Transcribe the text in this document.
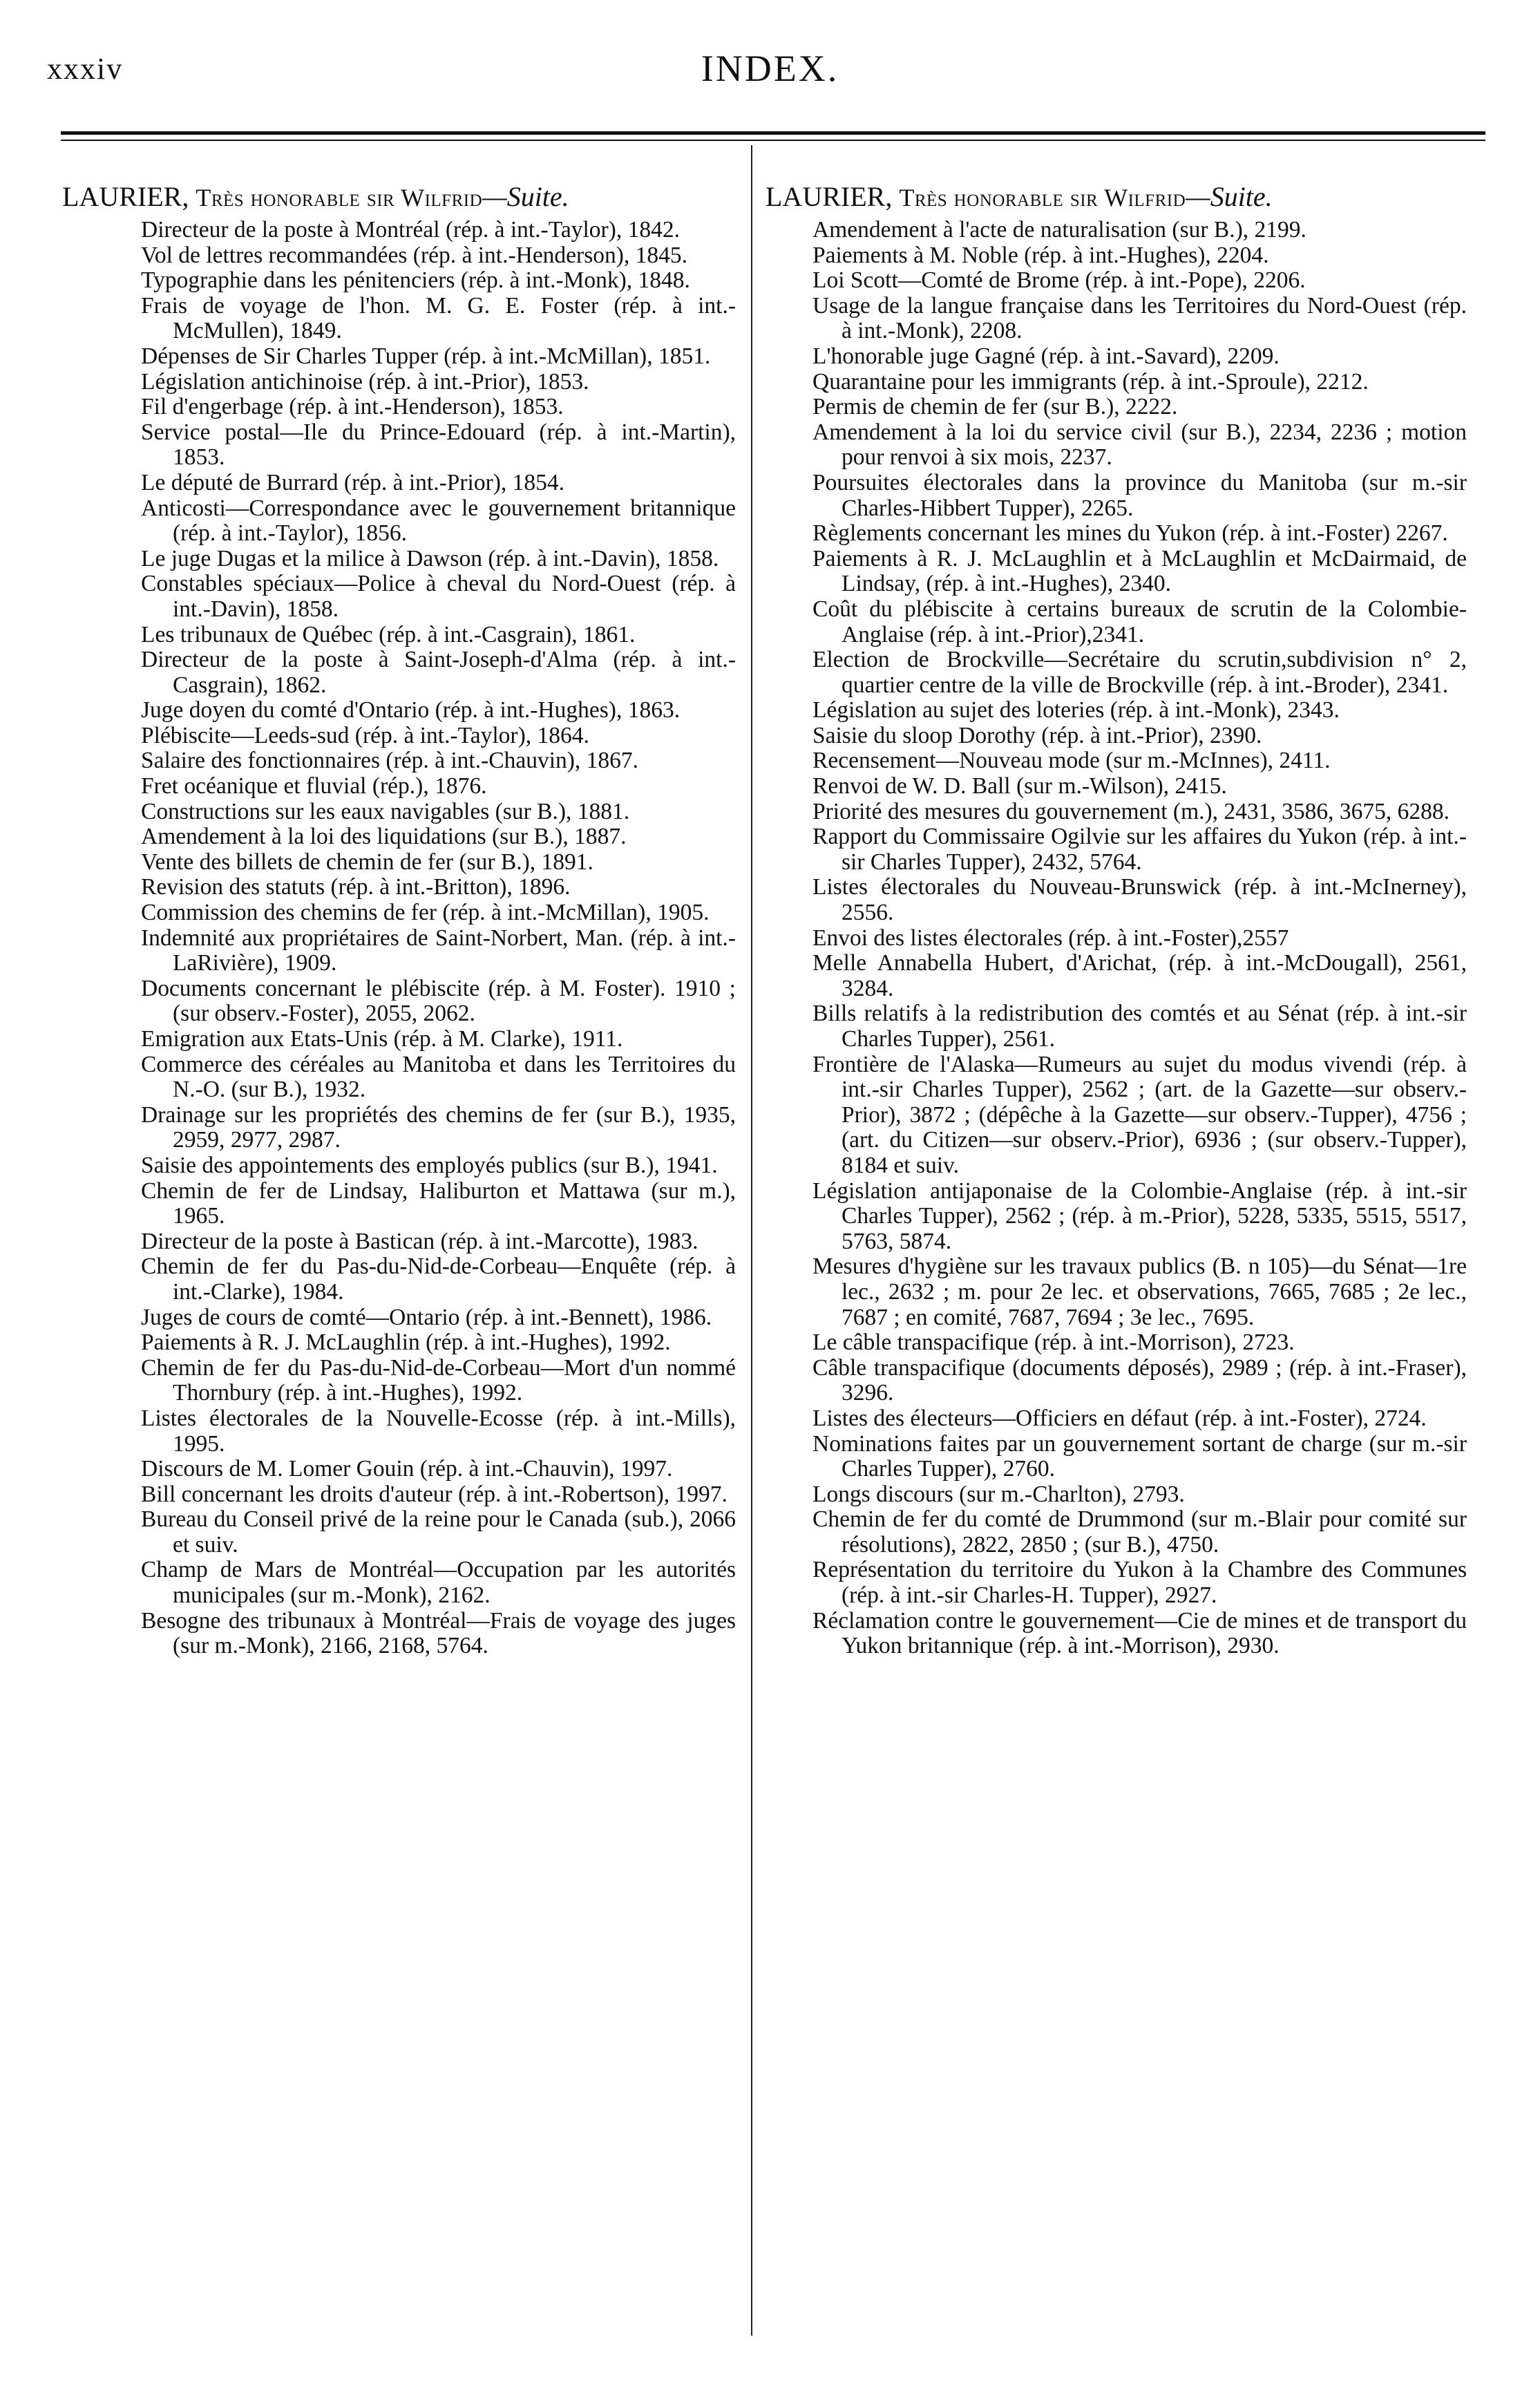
xxxiv	INDEX.
LAURIER, Très honorable sir Wilfrid—Suite.

Directeur de la poste à Montréal (rép. à int.-Taylor), 1842.

Vol de lettres recommandées (rép. à int.-Henderson), 1845.

Typographie dans les pénitenciers (rép. à int.-Monk), 1848.

Frais de voyage de l'hon. M. G. E. Foster (rép. à int.-McMullen), 1849.

Dépenses de Sir Charles Tupper (rép. à int.-McMillan), 1851.

Législation antichinoise (rép. à int.-Prior), 1853.

Fil d'engerbage (rép. à int.-Henderson), 1853.

Service postal—Ile du Prince-Edouard (rép. à int.-Martin), 1853.

Le député de Burrard (rép. à int.-Prior), 1854.

Anticosti—Correspondance avec le gouvernement britannique (rép. à int.-Taylor), 1856.

Le juge Dugas et la milice à Dawson (rép. à int.-Davin), 1858.

Constables spéciaux—Police à cheval du Nord-Ouest (rép. à int.-Davin), 1858.

Les tribunaux de Québec (rép. à int.-Casgrain), 1861.

Directeur de la poste à Saint-Joseph-d'Alma (rép. à int.-Casgrain), 1862.

Juge doyen du comté d'Ontario (rép. à int.-Hughes), 1863.

Plébiscite—Leeds-sud (rép. à int.-Taylor), 1864.

Salaire des fonctionnaires (rép. à int.-Chauvin), 1867.

Fret océanique et fluvial (rép.), 1876.

Constructions sur les eaux navigables (sur B.), 1881.

Amendement à la loi des liquidations (sur B.), 1887.

Vente des billets de chemin de fer (sur B.), 1891.

Revision des statuts (rép. à int.-Britton), 1896.

Commission des chemins de fer (rép. à int.-McMillan), 1905.

Indemnité aux propriétaires de Saint-Norbert, Man. (rép. à int.-LaRivière), 1909.

Documents concernant le plébiscite (rép. à M. Foster). 1910 ; (sur observ.-Foster), 2055, 2062.

Emigration aux Etats-Unis (rép. à M. Clarke), 1911.

Commerce des céréales au Manitoba et dans les Territoires du N.-O. (sur B.), 1932.

Drainage sur les propriétés des chemins de fer (sur B.), 1935, 2959, 2977, 2987.

Saisie des appointements des employés publics (sur B.), 1941.

Chemin de fer de Lindsay, Haliburton et Mattawa (sur m.), 1965.

Directeur de la poste à Bastican (rép. à int.-Marcotte), 1983.

Chemin de fer du Pas-du-Nid-de-Corbeau—Enquête (rép. à int.-Clarke), 1984.

Juges de cours de comté—Ontario (rép. à int.-Bennett), 1986.

Paiements à R. J. McLaughlin (rép. à int.-Hughes), 1992.

Chemin de fer du Pas-du-Nid-de-Corbeau—Mort d'un nommé Thornbury (rép. à int.-Hughes), 1992.

Listes électorales de la Nouvelle-Ecosse (rép. à int.-Mills), 1995.

Discours de M. Lomer Gouin (rép. à int.-Chauvin), 1997.

Bill concernant les droits d'auteur (rép. à int.-Robertson), 1997.

Bureau du Conseil privé de la reine pour le Canada (sub.), 2066 et suiv.

Champ de Mars de Montréal—Occupation par les autorités municipales (sur m.-Monk), 2162.

Besogne des tribunaux à Montréal—Frais de voyage des juges (sur m.-Monk), 2166, 2168, 5764.

LAURIER, Très honorable sir Wilfrid—Suite.

Amendement à l'acte de naturalisation (sur B.), 2199.

Paiements à M. Noble (rép. à int.-Hughes), 2204.

Loi Scott—Comté de Brome (rép. à int.-Pope), 2206.

Usage de la langue française dans les Territoires du Nord-Ouest (rép. à int.-Monk), 2208.

L'honorable juge Gagné (rép. à int.-Savard), 2209.

Quarantaine pour les immigrants (rép. à int.-Sproule), 2212.

Permis de chemin de fer (sur B.), 2222.

Amendement à la loi du service civil (sur B.), 2234, 2236 ; motion pour renvoi à six mois, 2237.

Poursuites électorales dans la province du Manitoba (sur m.-sir Charles-Hibbert Tupper), 2265.

Règlements concernant les mines du Yukon (rép. à int.-Foster) 2267.

Paiements à R. J. McLaughlin et à McLaughlin et McDairmaid, de Lindsay, (rép. à int.-Hughes), 2340.

Coût du plébiscite à certains bureaux de scrutin de la Colombie-Anglaise (rép. à int.-Prior),2341.

Election de Brockville—Secrétaire du scrutin,subdivision n° 2, quartier centre de la ville de Brockville (rép. à int.-Broder), 2341.

Législation au sujet des loteries (rép. à int.-Monk), 2343.

Saisie du sloop Dorothy (rép. à int.-Prior), 2390.

Recensement—Nouveau mode (sur m.-McInnes), 2411.

Renvoi de W. D. Ball (sur m.-Wilson), 2415.

Priorité des mesures du gouvernement (m.), 2431, 3586, 3675, 6288.

Rapport du Commissaire Ogilvie sur les affaires du Yukon (rép. à int.-sir Charles Tupper), 2432, 5764.

Listes électorales du Nouveau-Brunswick (rép. à int.-McInerney), 2556.

Envoi des listes électorales (rép. à int.-Foster),2557

Melle Annabella Hubert, d'Arichat, (rép. à int.-McDougall), 2561, 3284.

Bills relatifs à la redistribution des comtés et au Sénat (rép. à int.-sir Charles Tupper), 2561.

Frontière de l'Alaska—Rumeurs au sujet du modus vivendi (rép. à int.-sir Charles Tupper), 2562 ; (art. de la Gazette—sur observ.-Prior), 3872 ; (dépêche à la Gazette—sur observ.-Tupper), 4756 ; (art. du Citizen—sur observ.-Prior), 6936 ; (sur observ.-Tupper), 8184 et suiv.

Législation antijaponaise de la Colombie-Anglaise (rép. à int.-sir Charles Tupper), 2562 ; (rép. à m.-Prior), 5228, 5335, 5515, 5517, 5763, 5874.

Mesures d'hygiène sur les travaux publics (B. n 105)—du Sénat—1re lec., 2632 ; m. pour 2e lec. et observations, 7665, 7685 ; 2e lec., 7687 ; en comité, 7687, 7694 ; 3e lec., 7695.

Le câble transpacifique (rép. à int.-Morrison), 2723.

Câble transpacifique (documents déposés), 2989 ; (rép. à int.-Fraser), 3296.

Listes des électeurs—Officiers en défaut (rép. à int.-Foster), 2724.

Nominations faites par un gouvernement sortant de charge (sur m.-sir Charles Tupper), 2760.

Longs discours (sur m.-Charlton), 2793.

Chemin de fer du comté de Drummond (sur m.-Blair pour comité sur résolutions), 2822, 2850 ; (sur B.), 4750.

Représentation du territoire du Yukon à la Chambre des Communes (rép. à int.-sir Charles-H. Tupper), 2927.

Réclamation contre le gouvernement—Cie de mines et de transport du Yukon britannique (rép. à int.-Morrison), 2930.
